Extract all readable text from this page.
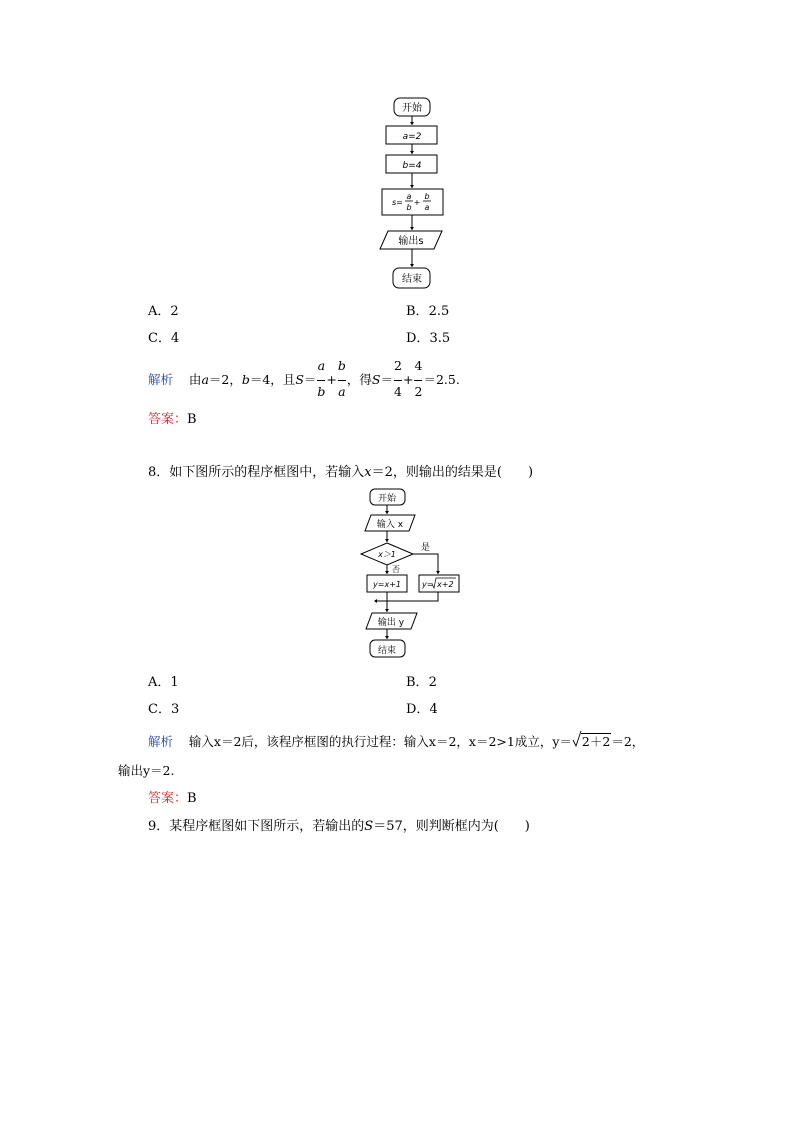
开始
a=2
b=4
s=
a
b
+
b
a
输出s
结束
A．2	B．2.5
C．4	D．3.5
解析 由a＝2，b＝4，且$S= \frac{a}{b} + \frac{b}{a}$ ，得$S= \frac{2}{4} + \frac{4}{2} =2.5$.
答案：B
8．如下图所示的程序框图中，若输入x＝2，则输出的结果是(　　)
开始
输入 x
x＞1
是
否
y=x+1	y= x+2
输出 y
结束
A．1	B．2
C．3	D．4
解析 输入x＝2后，该程序框图的执行过程：输入x＝2，x＝2>1成立，y＝ 2＋2＝2，
输出y＝2.
答案：B
9．某程序框图如下图所示，若输出的S＝57，则判断框内为(　　)
